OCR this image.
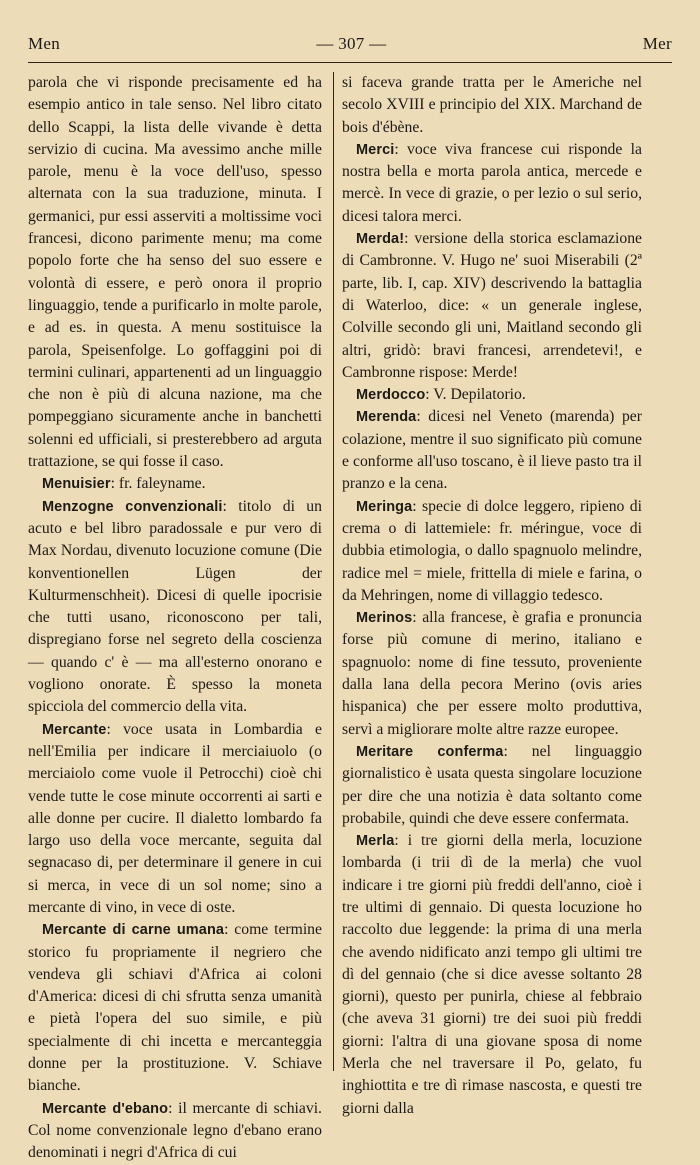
Men	— 307 —	Mer

parola che vi risponde precisamente ed ha esempio antico in tale senso. Nel libro citato dello Scappi, la lista delle vivande è detta servizio di cucina. Ma avessimo anche mille parole, menu è la voce dell'uso, spesso alternata con la sua traduzione, minuta. I germanici, pur essi asserviti a moltissime voci francesi, dicono parimente menu; ma come popolo forte che ha senso del suo essere e volontà di essere, e però onora il proprio linguaggio, tende a purificarlo in molte parole, e ad es. in questa. A menu sostituisce la parola, Speisenfolge. Lo goffaggini poi di termini culinari, appartenenti ad un linguaggio che non è più di alcuna nazione, ma che pompeggiano sicuramente anche in banchetti solenni ed ufficiali, si presterebbero ad arguta trattazione, se qui fosse il caso.

Menuisier: fr. faleyname.

Menzogne convenzionali: titolo di un acuto e bel libro paradossale e pur vero di Max Nordau, divenuto locuzione comune (Die konventionellen Lügen der Kulturmenschheit). Dicesi di quelle ipocrisie che tutti usano, riconoscono per tali, dispregiano forse nel segreto della coscienza — quando c' è — ma all'esterno onorano e vogliono onorate. È spesso la moneta spicciola del commercio della vita.

Mercante: voce usata in Lombardia e nell'Emilia per indicare il merciaiuolo (o merciaiolo come vuole il Petrocchi) cioè chi vende tutte le cose minute occorrenti ai sarti e alle donne per cucire. Il dialetto lombardo fa largo uso della voce mercante, seguita dal segnacaso di, per determinare il genere in cui si merca, in vece di un sol nome; sino a mercante di vino, in vece di oste.

Mercante di carne umana: come termine storico fu propriamente il negriero che vendeva gli schiavi d'Africa ai coloni d'America: dicesi di chi sfrutta senza umanità e pietà l'opera del suo simile, e più specialmente di chi incetta e mercanteggia donne per la prostituzione. V. Schiave bianche.

Mercante d'ebano: il mercante di schiavi. Col nome convenzionale legno d'ebano erano denominati i negri d'Africa di cui

si faceva grande tratta per le Americhe nel secolo XVIII e principio del XIX. Marchand de bois d'ébène.

Merci: voce viva francese cui risponde la nostra bella e morta parola antica, mercede e mercè. In vece di grazie, o per lezio o sul serio, dicesi talora merci.

Merda!: versione della storica esclamazione di Cambronne. V. Hugo ne' suoi Miserabili (2ª parte, lib. I, cap. XIV) descrivendo la battaglia di Waterloo, dice: « un generale inglese, Colville secondo gli uni, Maitland secondo gli altri, gridò: bravi francesi, arrendetevi!, e Cambronne rispose: Merde!

Merdocco: V. Depilatorio.

Merenda: dicesi nel Veneto (marenda) per colazione, mentre il suo significato più comune e conforme all'uso toscano, è il lieve pasto tra il pranzo e la cena.

Meringa: specie di dolce leggero, ripieno di crema o di lattemiele: fr. méringue, voce di dubbia etimologia, o dallo spagnuolo melindre, radice mel = miele, frittella di miele e farina, o da Mehringen, nome di villaggio tedesco.

Merinos: alla francese, è grafia e pronuncia forse più comune di merino, italiano e spagnuolo: nome di fine tessuto, proveniente dalla lana della pecora Merino (ovis aries hispanica) che per essere molto produttiva, servì a migliorare molte altre razze europee.

Meritare conferma: nel linguaggio giornalistico è usata questa singolare locuzione per dire che una notizia è data soltanto come probabile, quindi che deve essere confermata.

Merla: i tre giorni della merla, locuzione lombarda (i trii dì de la merla) che vuol indicare i tre giorni più freddi dell'anno, cioè i tre ultimi di gennaio. Di questa locuzione ho raccolto due leggende: la prima di una merla che avendo nidificato anzi tempo gli ultimi tre dì del gennaio (che si dice avesse soltanto 28 giorni), questo per punirla, chiese al febbraio (che aveva 31 giorni) tre dei suoi più freddi giorni: l'altra di una giovane sposa di nome Merla che nel traversare il Po, gelato, fu inghiottita e tre dì rimase nascosta, e questi tre giorni dalla
